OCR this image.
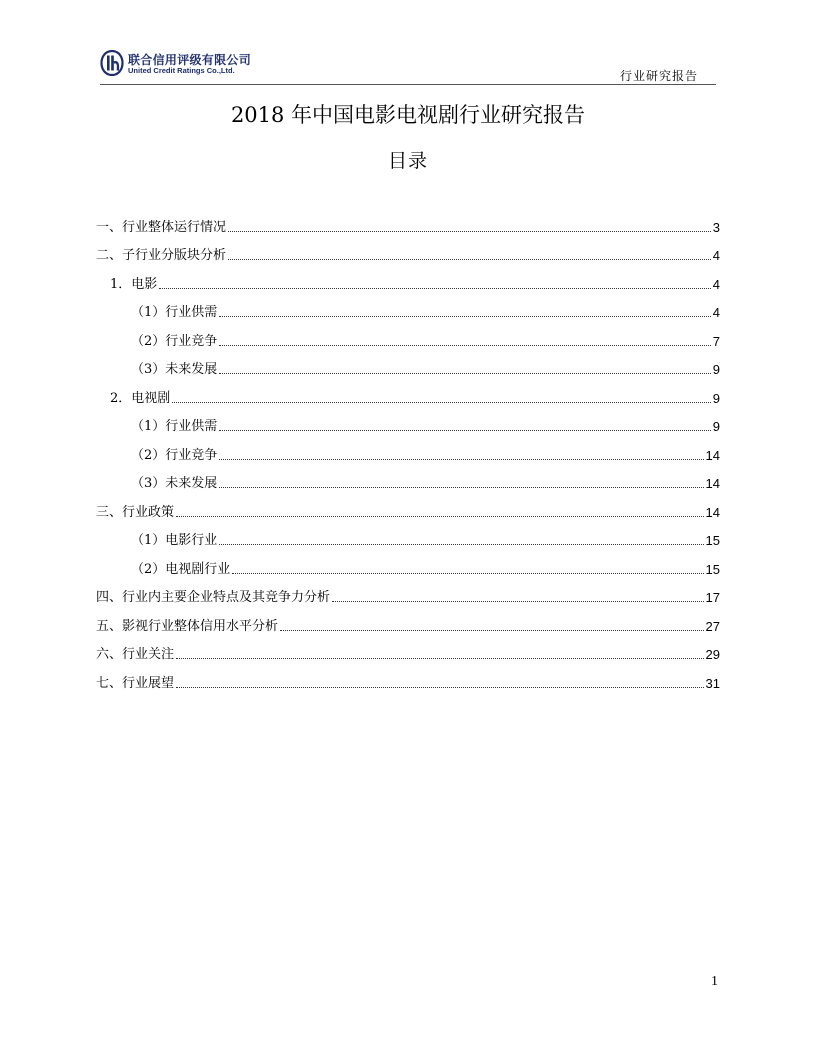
联合信用评级有限公司
United Credit Ratings Co.,Ltd.	行业研究报告
2018 年中国电影电视剧行业研究报告
目录
一、行业整体运行情况	3
二、子行业分版块分析	4
1．电影	4
（1）行业供需	4
（2）行业竞争	7
（3）未来发展	9
2．电视剧	9
（1）行业供需	9
（2）行业竞争	14
（3）未来发展	14
三、行业政策	14
（1）电影行业	15
（2）电视剧行业	15
四、行业内主要企业特点及其竞争力分析	17
五、影视行业整体信用水平分析	27
六、行业关注	29
七、行业展望	31
1
